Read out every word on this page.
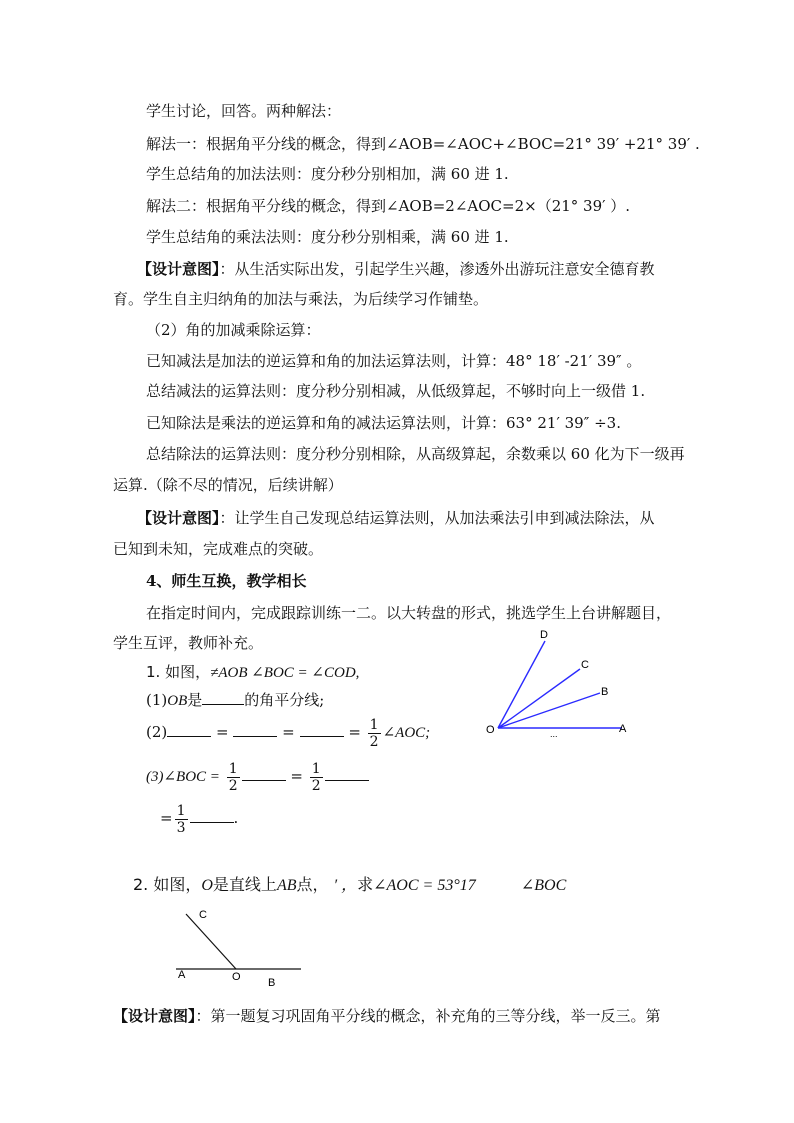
学生讨论，回答。两种解法：
解法一：根据角平分线的概念，得到∠AOB=∠AOC+∠BOC=21° 39′ +21° 39′ .
学生总结角的加法法则：度分秒分别相加，满 60 进 1.
解法二：根据角平分线的概念，得到∠AOB=2∠AOC=2×（21° 39′ ）.
学生总结角的乘法法则：度分秒分别相乘，满 60 进 1.
【设计意图】：从生活实际出发，引起学生兴趣，渗透外出游玩注意安全德育教
育。学生自主归纳角的加法与乘法，为后续学习作铺垫。
（2）角的加减乘除运算：
已知减法是加法的逆运算和角的加法运算法则，计算：48° 18′ -21′ 39″ 。
总结减法的运算法则：度分秒分别相减，从低级算起，不够时向上一级借 1.
已知除法是乘法的逆运算和角的减法运算法则，计算：63° 21′ 39″ ÷3.
总结除法的运算法则：度分秒分别相除，从高级算起，余数乘以 60 化为下一级再
运算.（除不尽的情况，后续讲解）
【设计意图】：让学生自己发现总结运算法则，从加法乘法引申到减法除法，从
已知到未知，完成难点的突破。
4、师生互换，教学相长
在指定时间内，完成跟踪训练一二。以大转盘的形式，挑选学生上台讲解题目，
学生互评，教师补充。
1. 如图，≠AOB ∠BOC = ∠COD,
(1)OB是	的角平分线;
(2)	=	=	= $\frac{1}{2}$ ∠AOC;
(3)∠BOC = $\frac{1}{2}$	= $\frac{1}{2}$
= $\frac{1}{3}$	.
D
C
B
A
O	...
2. 如图，O是直线上AB点， ′ ，求∠AOC = 53°17	∠BOC
C
A	O B
【设计意图】：第一题复习巩固角平分线的概念，补充角的三等分线，举一反三。第
